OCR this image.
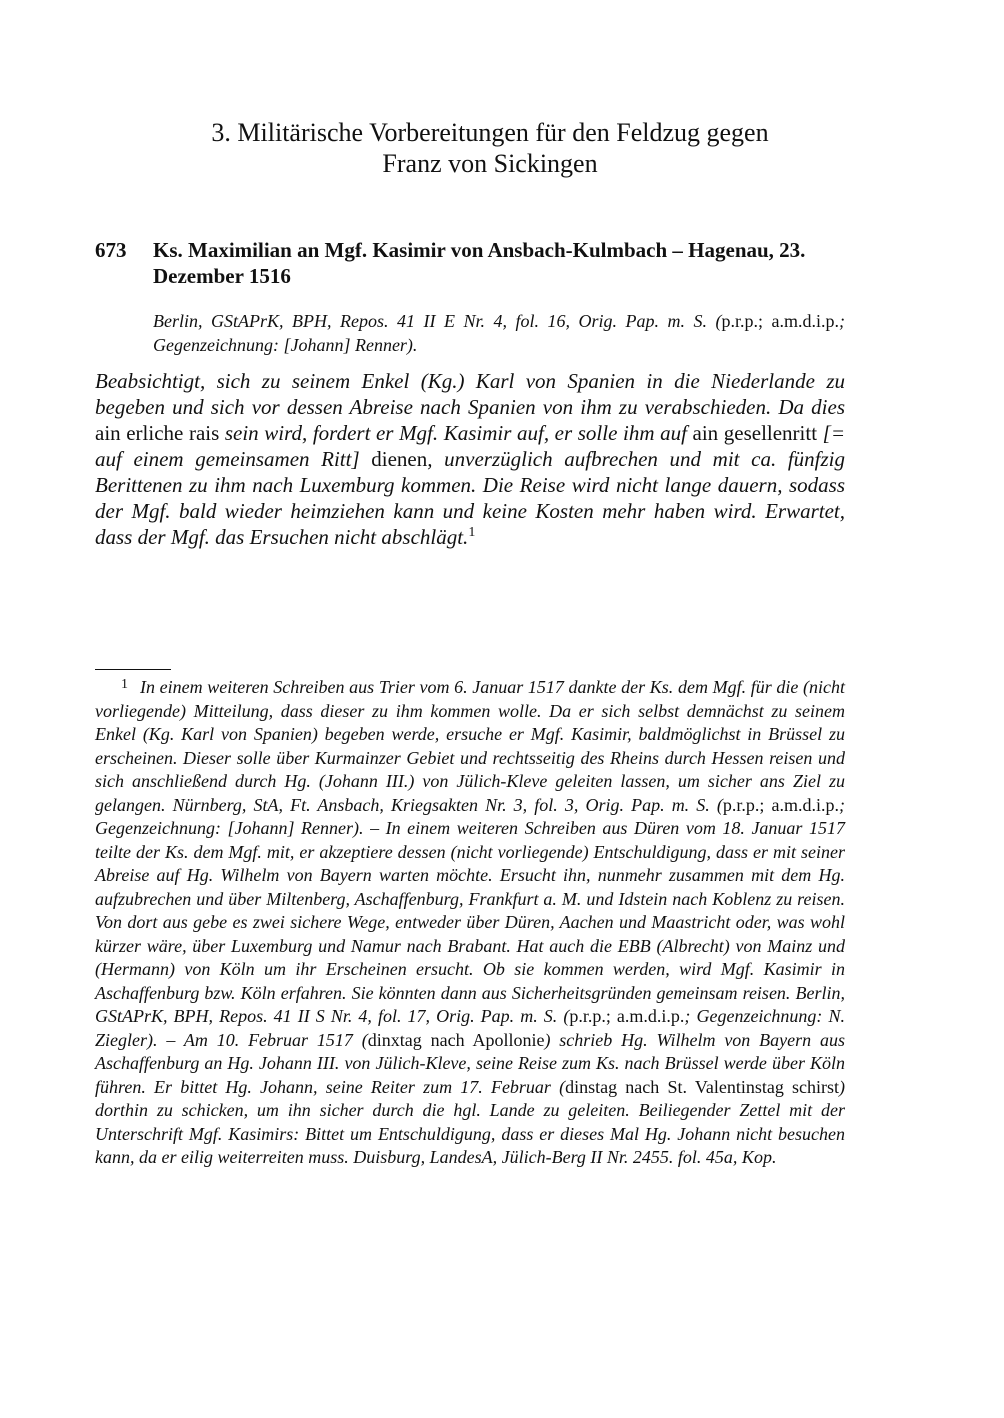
3. Militärische Vorbereitungen für den Feldzug gegen
Franz von Sickingen
673 Ks. Maximilian an Mgf. Kasimir von Ansbach-Kulmbach – Hagenau, 23. Dezember 1516

Berlin, GStAPrK, BPH, Repos. 41 II E Nr. 4, fol. 16, Orig. Pap. m. S. (p.r.p.; a.m.d.i.p.; Gegenzeichnung: [Johann] Renner).

Beabsichtigt, sich zu seinem Enkel (Kg.) Karl von Spanien in die Niederlande zu begeben und sich vor dessen Abreise nach Spanien von ihm zu verabschieden. Da dies ain erliche rais sein wird, fordert er Mgf. Kasimir auf, er solle ihm auf ain gesellenritt [= auf einem gemeinsamen Ritt] dienen, unverzüglich aufbrechen und mit ca. fünfzig Berittenen zu ihm nach Luxemburg kommen. Die Reise wird nicht lange dauern, sodass der Mgf. bald wieder heimziehen kann und keine Kosten mehr haben wird. Erwartet, dass der Mgf. das Ersuchen nicht abschlägt.$^1$

1 In einem weiteren Schreiben aus Trier vom 6. Januar 1517 dankte der Ks. dem Mgf. für die (nicht vorliegende) Mitteilung, dass dieser zu ihm kommen wolle. Da er sich selbst demnächst zu seinem Enkel (Kg. Karl von Spanien) begeben werde, ersuche er Mgf. Kasimir, baldmöglichst in Brüssel zu erscheinen. Dieser solle über Kurmainzer Gebiet und rechtsseitig des Rheins durch Hessen reisen und sich anschließend durch Hg. (Johann III.) von Jülich-Kleve geleiten lassen, um sicher ans Ziel zu gelangen. Nürnberg, StA, Ft. Ansbach, Kriegsakten Nr. 3, fol. 3, Orig. Pap. m. S. (p.r.p.; a.m.d.i.p.; Gegenzeichnung: [Johann] Renner). – In einem weiteren Schreiben aus Düren vom 18. Januar 1517 teilte der Ks. dem Mgf. mit, er akzeptiere dessen (nicht vorliegende) Entschuldigung, dass er mit seiner Abreise auf Hg. Wilhelm von Bayern warten möchte. Ersucht ihn, nunmehr zusammen mit dem Hg. aufzubrechen und über Miltenberg, Aschaffenburg, Frankfurt a. M. und Idstein nach Koblenz zu reisen. Von dort aus gebe es zwei sichere Wege, entweder über Düren, Aachen und Maastricht oder, was wohl kürzer wäre, über Luxemburg und Namur nach Brabant. Hat auch die EBB (Albrecht) von Mainz und (Hermann) von Köln um ihr Erscheinen ersucht. Ob sie kommen werden, wird Mgf. Kasimir in Aschaffenburg bzw. Köln erfahren. Sie könnten dann aus Sicherheitsgründen gemeinsam reisen. Berlin, GStAPrK, BPH, Repos. 41 II S Nr. 4, fol. 17, Orig. Pap. m. S. (p.r.p.; a.m.d.i.p.; Gegenzeichnung: N. Ziegler). – Am 10. Februar 1517 (dinxtag nach Apollonie) schrieb Hg. Wilhelm von Bayern aus Aschaffenburg an Hg. Johann III. von Jülich-Kleve, seine Reise zum Ks. nach Brüssel werde über Köln führen. Er bittet Hg. Johann, seine Reiter zum 17. Februar (dinstag nach St. Valentinstag schirst) dorthin zu schicken, um ihn sicher durch die hgl. Lande zu geleiten. Beiliegender Zettel mit der Unterschrift Mgf. Kasimirs: Bittet um Entschuldigung, dass er dieses Mal Hg. Johann nicht besuchen kann, da er eilig weiterreiten muss. Duisburg, LandesA, Jülich-Berg II Nr. 2455. fol. 45a, Kop.
